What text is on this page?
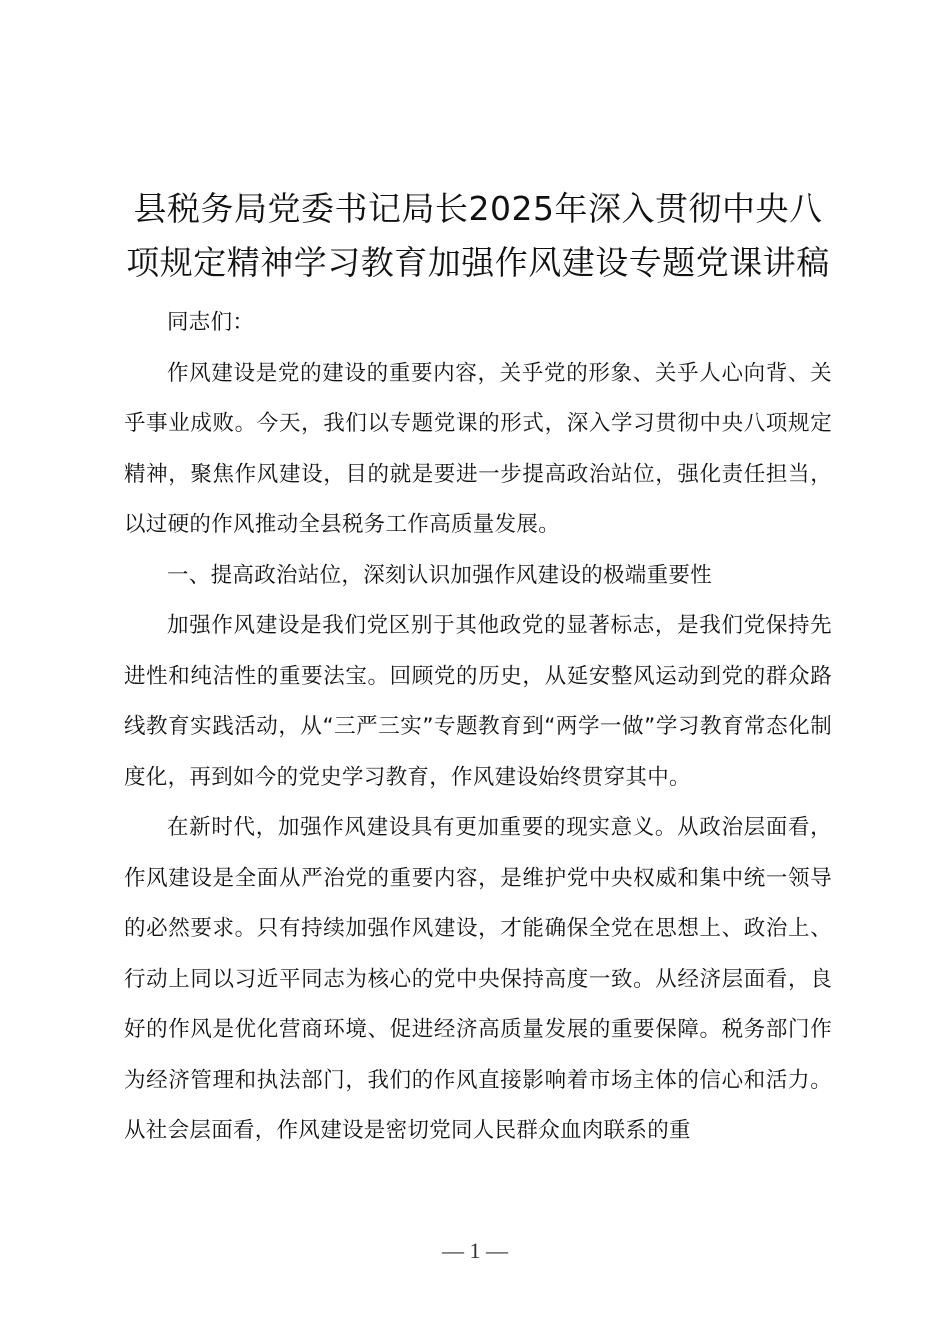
县税务局党委书记局长2025年深入贯彻中央八项规定精神学习教育加强作风建设专题党课讲稿

同志们：

作风建设是党的建设的重要内容，关乎党的形象、关乎人心向背、关乎事业成败。今天，我们以专题党课的形式，深入学习贯彻中央八项规定精神，聚焦作风建设，目的就是要进一步提高政治站位，强化责任担当，以过硬的作风推动全县税务工作高质量发展。

一、提高政治站位，深刻认识加强作风建设的极端重要性

加强作风建设是我们党区别于其他政党的显著标志，是我们党保持先进性和纯洁性的重要法宝。回顾党的历史，从延安整风运动到党的群众路线教育实践活动，从“三严三实”专题教育到“两学一做”学习教育常态化制度化，再到如今的党史学习教育，作风建设始终贯穿其中。

在新时代，加强作风建设具有更加重要的现实意义。从政治层面看，作风建设是全面从严治党的重要内容，是维护党中央权威和集中统一领导的必然要求。只有持续加强作风建设，才能确保全党在思想上、政治上、行动上同以习近平同志为核心的党中央保持高度一致。从经济层面看，良好的作风是优化营商环境、促进经济高质量发展的重要保障。税务部门作为经济管理和执法部门，我们的作风直接影响着市场主体的信心和活力。从社会层面看，作风建设是密切党同人民群众血肉联系的重

— 1 —
